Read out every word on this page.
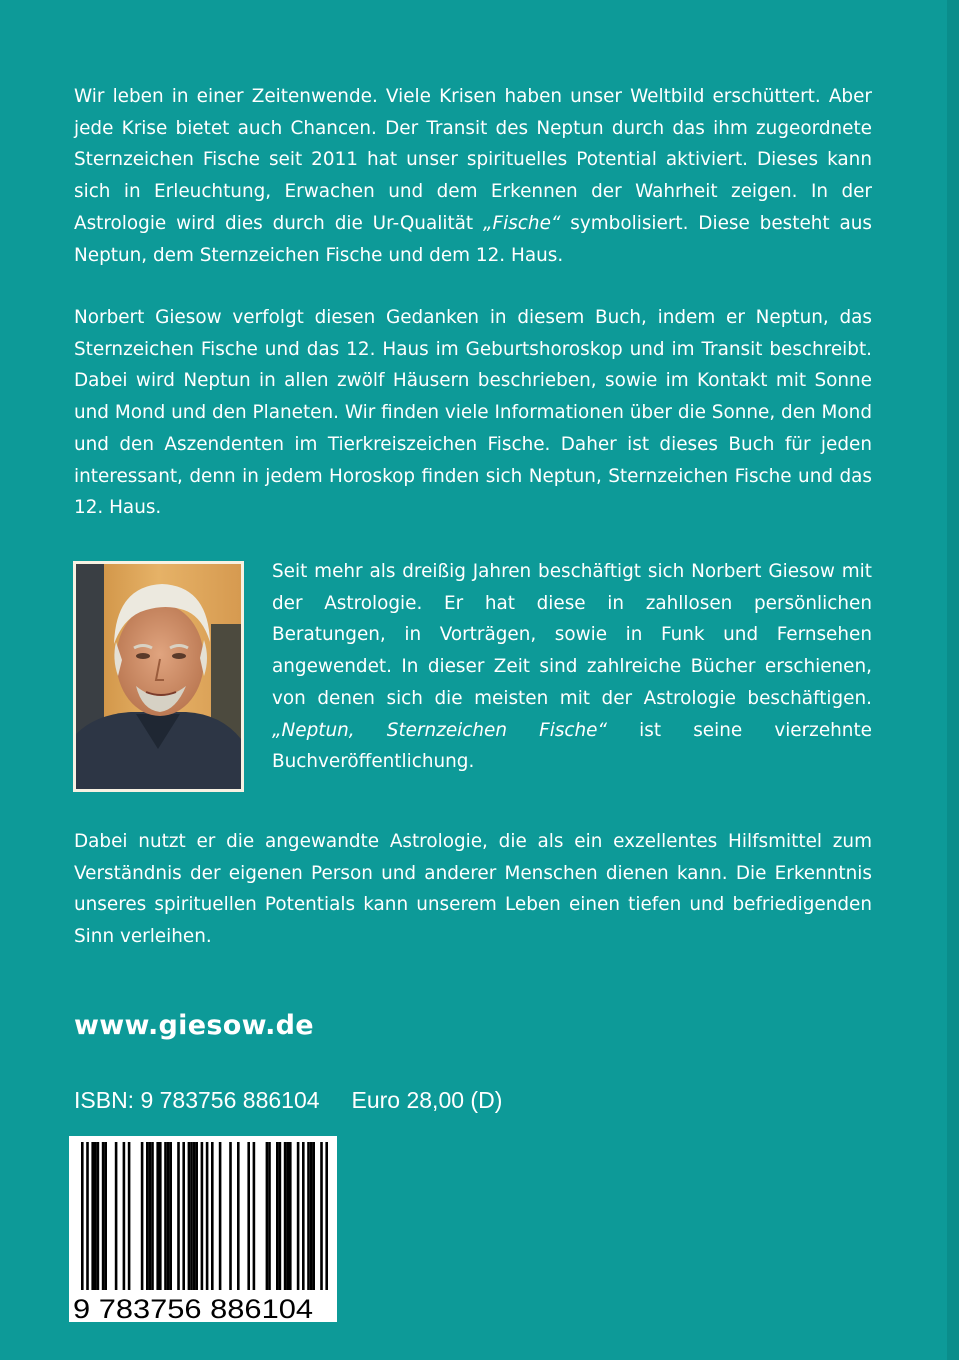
Wir leben in einer Zeitenwende. Viele Krisen haben unser Weltbild erschüttert. Aber jede Krise bietet auch Chancen. Der Transit des Neptun durch das ihm zugeordnete Sternzeichen Fische seit 2011 hat unser spirituelles Potential aktiviert. Dieses kann sich in Erleuchtung, Erwachen und dem Erkennen der Wahrheit zeigen. In der Astrologie wird dies durch die Ur-Qualität „Fische“ symbolisiert. Diese besteht aus Neptun, dem Sternzeichen Fische und dem 12. Haus.

Norbert Giesow verfolgt diesen Gedanken in diesem Buch, indem er Neptun, das Sternzeichen Fische und das 12. Haus im Geburtshoroskop und im Transit beschreibt. Dabei wird Neptun in allen zwölf Häusern beschrieben, sowie im Kontakt mit Sonne und Mond und den Planeten. Wir finden viele Informationen über die Sonne, den Mond und den Aszendenten im Tierkreiszeichen Fische. Daher ist dieses Buch für jeden interessant, denn in jedem Horoskop finden sich Neptun, Sternzeichen Fische und das 12. Haus.

Seit mehr als dreißig Jahren beschäftigt sich Norbert Giesow mit der Astrologie. Er hat diese in zahllosen persönlichen Beratungen, in Vorträgen, sowie in Funk und Fernsehen angewendet. In dieser Zeit sind zahlreiche Bücher erschienen, von denen sich die meisten mit der Astrologie beschäftigen. „Neptun, Sternzeichen Fische“ ist seine vierzehnte Buchveröffentlichung.

Dabei nutzt er die angewandte Astrologie, die als ein exzellentes Hilfsmittel zum Verständnis der eigenen Person und anderer Menschen dienen kann. Die Erkenntnis unseres spirituellen Potentials kann unserem Leben einen tiefen und befriedigenden Sinn verleihen.

www.giesow.de
ISBN: 9 783756 886104 Euro 28,00 (D)
9 783756 886104
